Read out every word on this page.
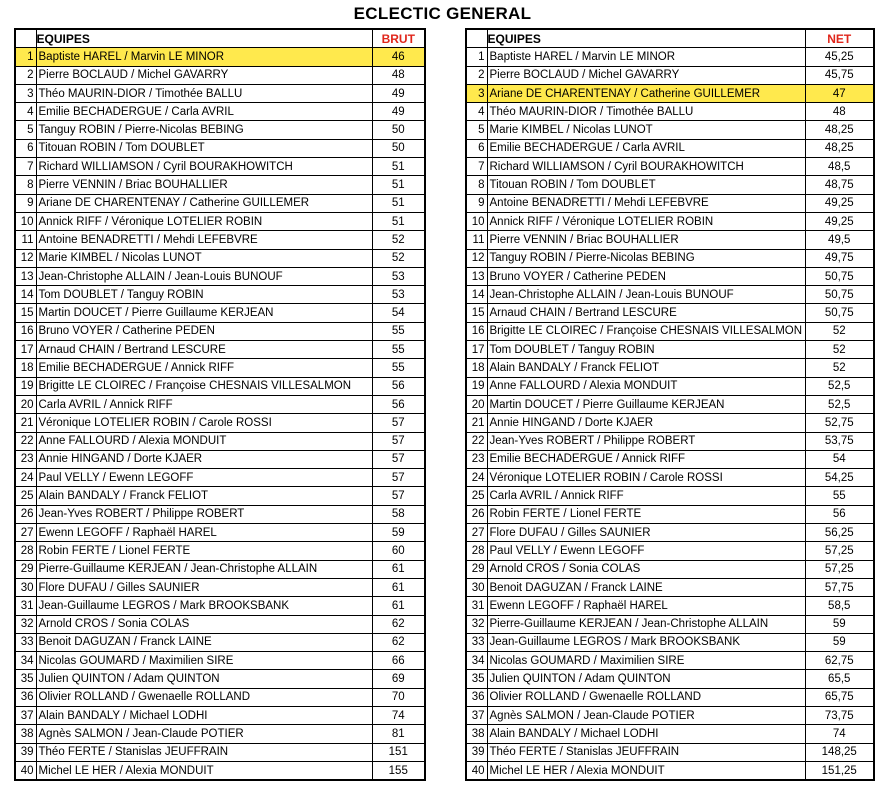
ECLECTIC GENERAL
	EQUIPES	BRUT
1	Baptiste HAREL / Marvin LE MINOR	46
2	Pierre BOCLAUD / Michel GAVARRY	48
3	Théo MAURIN-DIOR / Timothée BALLU	49
4	Emilie BECHADERGUE / Carla AVRIL	49
5	Tanguy ROBIN / Pierre-Nicolas BEBING	50
6	Titouan ROBIN / Tom DOUBLET	50
7	Richard WILLIAMSON / Cyril BOURAKHOWITCH	51
8	Pierre VENNIN / Briac BOUHALLIER	51
9	Ariane DE CHARENTENAY / Catherine GUILLEMER	51
10	Annick RIFF / Véronique LOTELIER ROBIN	51
11	Antoine BENADRETTI / Mehdi LEFEBVRE	52
12	Marie KIMBEL / Nicolas LUNOT	52
13	Jean-Christophe ALLAIN / Jean-Louis BUNOUF	53
14	Tom DOUBLET / Tanguy ROBIN	53
15	Martin DOUCET / Pierre Guillaume KERJEAN	54
16	Bruno VOYER / Catherine PEDEN	55
17	Arnaud CHAIN / Bertrand LESCURE	55
18	Emilie BECHADERGUE / Annick RIFF	55
19	Brigitte LE CLOIREC / Françoise CHESNAIS VILLESALMON	56
20	Carla AVRIL / Annick RIFF	56
21	Véronique LOTELIER ROBIN / Carole ROSSI	57
22	Anne FALLOURD / Alexia MONDUIT	57
23	Annie HINGAND / Dorte KJAER	57
24	Paul VELLY / Ewenn LEGOFF	57
25	Alain BANDALY / Franck FELIOT	57
26	Jean-Yves ROBERT / Philippe ROBERT	58
27	Ewenn LEGOFF / Raphaël HAREL	59
28	Robin FERTE / Lionel FERTE	60
29	Pierre-Guillaume KERJEAN / Jean-Christophe ALLAIN	61
30	Flore DUFAU / Gilles SAUNIER	61
31	Jean-Guillaume LEGROS / Mark BROOKSBANK	61
32	Arnold CROS / Sonia COLAS	62
33	Benoit DAGUZAN / Franck LAINE	62
34	Nicolas GOUMARD / Maximilien SIRE	66
35	Julien QUINTON / Adam QUINTON	69
36	Olivier ROLLAND / Gwenaelle ROLLAND	70
37	Alain BANDALY / Michael LODHI	74
38	Agnès SALMON / Jean-Claude POTIER	81
39	Théo FERTE / Stanislas JEUFFRAIN	151
40	Michel LE HER / Alexia MONDUIT	155
	EQUIPES	NET
1	Baptiste HAREL / Marvin LE MINOR	45,25
2	Pierre BOCLAUD / Michel GAVARRY	45,75
3	Ariane DE CHARENTENAY / Catherine GUILLEMER	47
4	Théo MAURIN-DIOR / Timothée BALLU	48
5	Marie KIMBEL / Nicolas LUNOT	48,25
6	Emilie BECHADERGUE / Carla AVRIL	48,25
7	Richard WILLIAMSON / Cyril BOURAKHOWITCH	48,5
8	Titouan ROBIN / Tom DOUBLET	48,75
9	Antoine BENADRETTI / Mehdi LEFEBVRE	49,25
10	Annick RIFF / Véronique LOTELIER ROBIN	49,25
11	Pierre VENNIN / Briac BOUHALLIER	49,5
12	Tanguy ROBIN / Pierre-Nicolas BEBING	49,75
13	Bruno VOYER / Catherine PEDEN	50,75
14	Jean-Christophe ALLAIN / Jean-Louis BUNOUF	50,75
15	Arnaud CHAIN / Bertrand LESCURE	50,75
16	Brigitte LE CLOIREC / Françoise CHESNAIS VILLESALMON	52
17	Tom DOUBLET / Tanguy ROBIN	52
18	Alain BANDALY / Franck FELIOT	52
19	Anne FALLOURD / Alexia MONDUIT	52,5
20	Martin DOUCET / Pierre Guillaume KERJEAN	52,5
21	Annie HINGAND / Dorte KJAER	52,75
22	Jean-Yves ROBERT / Philippe ROBERT	53,75
23	Emilie BECHADERGUE / Annick RIFF	54
24	Véronique LOTELIER ROBIN / Carole ROSSI	54,25
25	Carla AVRIL / Annick RIFF	55
26	Robin FERTE / Lionel FERTE	56
27	Flore DUFAU / Gilles SAUNIER	56,25
28	Paul VELLY / Ewenn LEGOFF	57,25
29	Arnold CROS / Sonia COLAS	57,25
30	Benoit DAGUZAN / Franck LAINE	57,75
31	Ewenn LEGOFF / Raphaël HAREL	58,5
32	Pierre-Guillaume KERJEAN / Jean-Christophe ALLAIN	59
33	Jean-Guillaume LEGROS / Mark BROOKSBANK	59
34	Nicolas GOUMARD / Maximilien SIRE	62,75
35	Julien QUINTON / Adam QUINTON	65,5
36	Olivier ROLLAND / Gwenaelle ROLLAND	65,75
37	Agnès SALMON / Jean-Claude POTIER	73,75
38	Alain BANDALY / Michael LODHI	74
39	Théo FERTE / Stanislas JEUFFRAIN	148,25
40	Michel LE HER / Alexia MONDUIT	151,25
